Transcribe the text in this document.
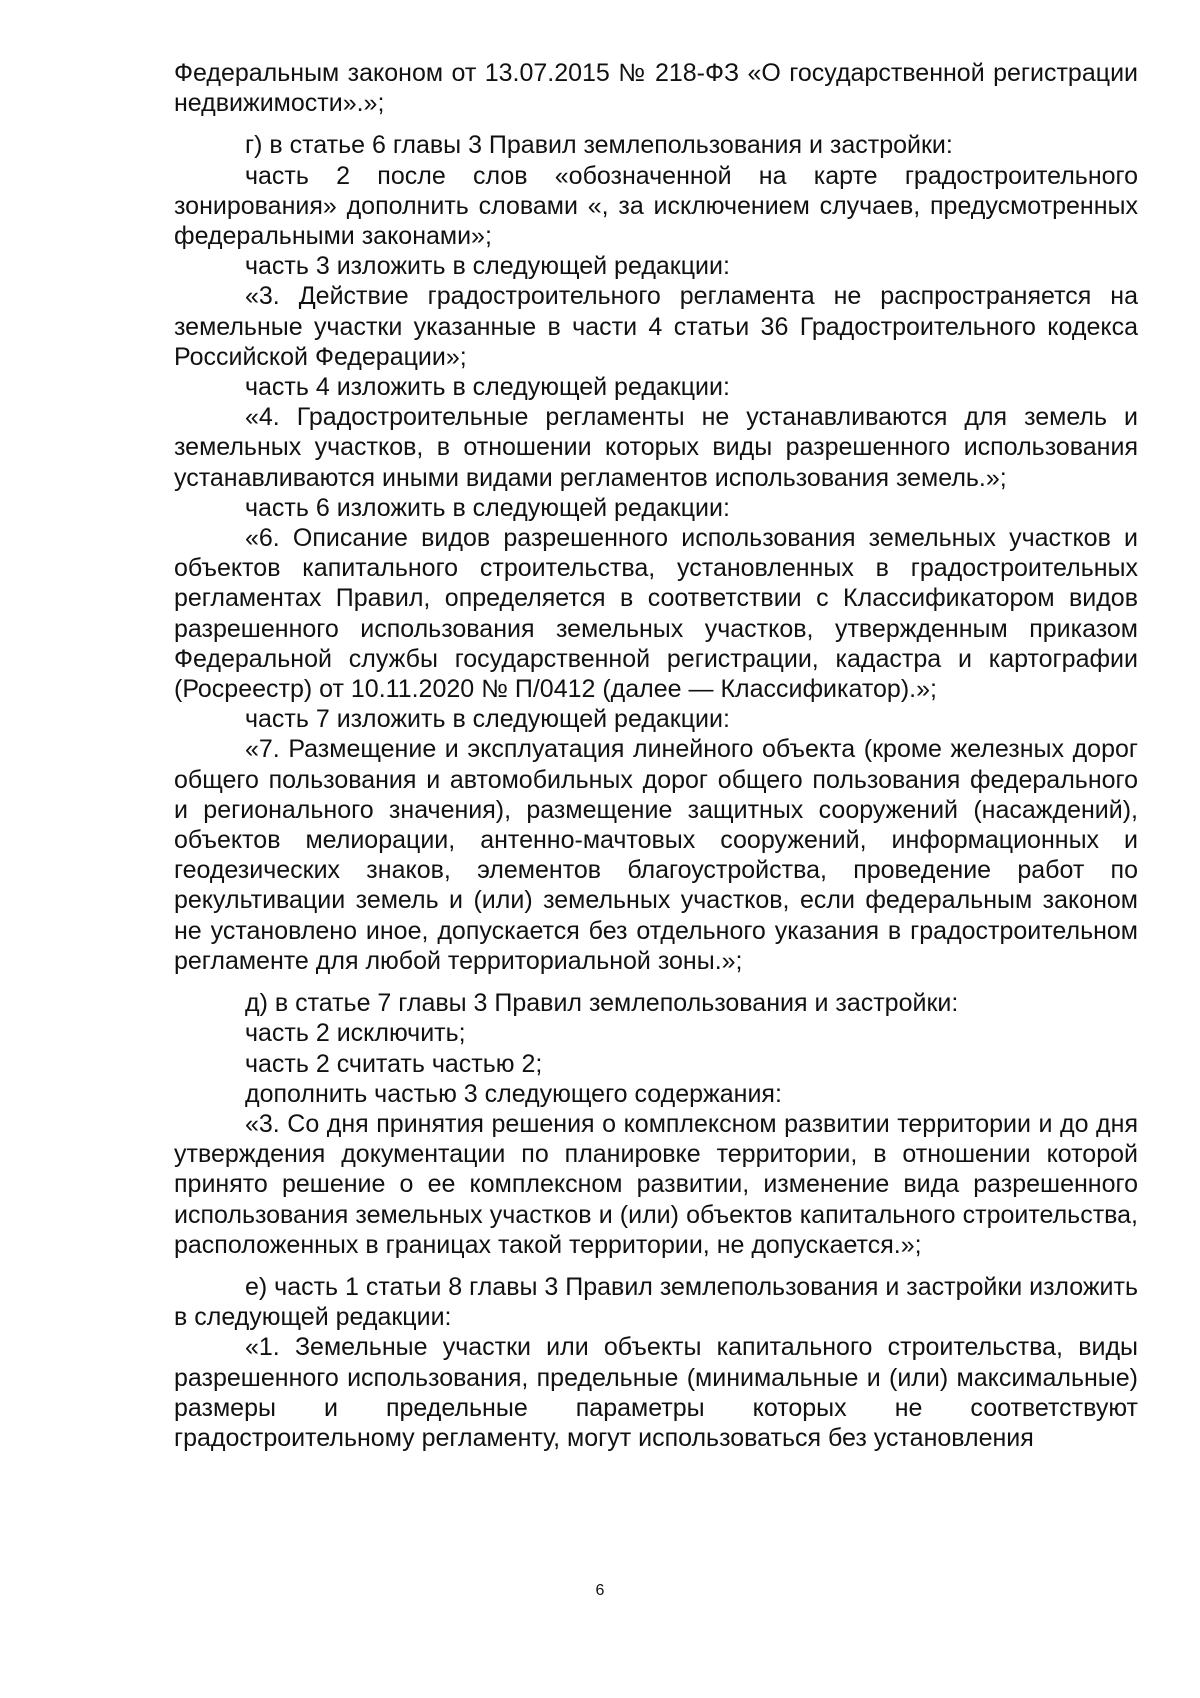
Федеральным законом от 13.07.2015 № 218-ФЗ «О государственной регистрации недвижимости».»;

г) в статье 6 главы 3 Правил землепользования и застройки:

часть 2 после слов «обозначенной на карте градостроительного зонирования» дополнить словами «, за исключением случаев, предусмотренных федеральными законами»;

часть 3 изложить в следующей редакции:

«3. Действие градостроительного регламента не распространяется на земельные участки указанные в части 4 статьи 36 Градостроительного кодекса Российской Федерации»;

часть 4 изложить в следующей редакции:

«4. Градостроительные регламенты не устанавливаются для земель и земельных участков, в отношении которых виды разрешенного использования устанавливаются иными видами регламентов использования земель.»;

часть 6 изложить в следующей редакции:

«6. Описание видов разрешенного использования земельных участков и объектов капитального строительства, установленных в градостроительных регламентах Правил, определяется в соответствии с Классификатором видов разрешенного использования земельных участков, утвержденным приказом Федеральной службы государственной регистрации, кадастра и картографии (Росреестр) от 10.11.2020 № П/0412 (далее — Классификатор).»;

часть 7 изложить в следующей редакции:

«7. Размещение и эксплуатация линейного объекта (кроме железных дорог общего пользования и автомобильных дорог общего пользования федерального и регионального значения), размещение защитных сооружений (насаждений), объектов мелиорации, антенно-мачтовых сооружений, информационных и геодезических знаков, элементов благоустройства, проведение работ по рекультивации земель и (или) земельных участков, если федеральным законом не установлено иное, допускается без отдельного указания в градостроительном регламенте для любой территориальной зоны.»;

д) в статье 7 главы 3 Правил землепользования и застройки:

часть 2 исключить;

часть 2 считать частью 2;

дополнить частью 3 следующего содержания:

«3. Со дня принятия решения о комплексном развитии территории и до дня утверждения документации по планировке территории, в отношении которой принято решение о ее комплексном развитии, изменение вида разрешенного использования земельных участков и (или) объектов капитального строительства, расположенных в границах такой территории, не допускается.»;

е) часть 1 статьи 8 главы 3 Правил землепользования и застройки изложить в следующей редакции:

«1. Земельные участки или объекты капитального строительства, виды разрешенного использования, предельные (минимальные и (или) максимальные) размеры и предельные параметры которых не соответствуют градостроительному регламенту, могут использоваться без установления

6
